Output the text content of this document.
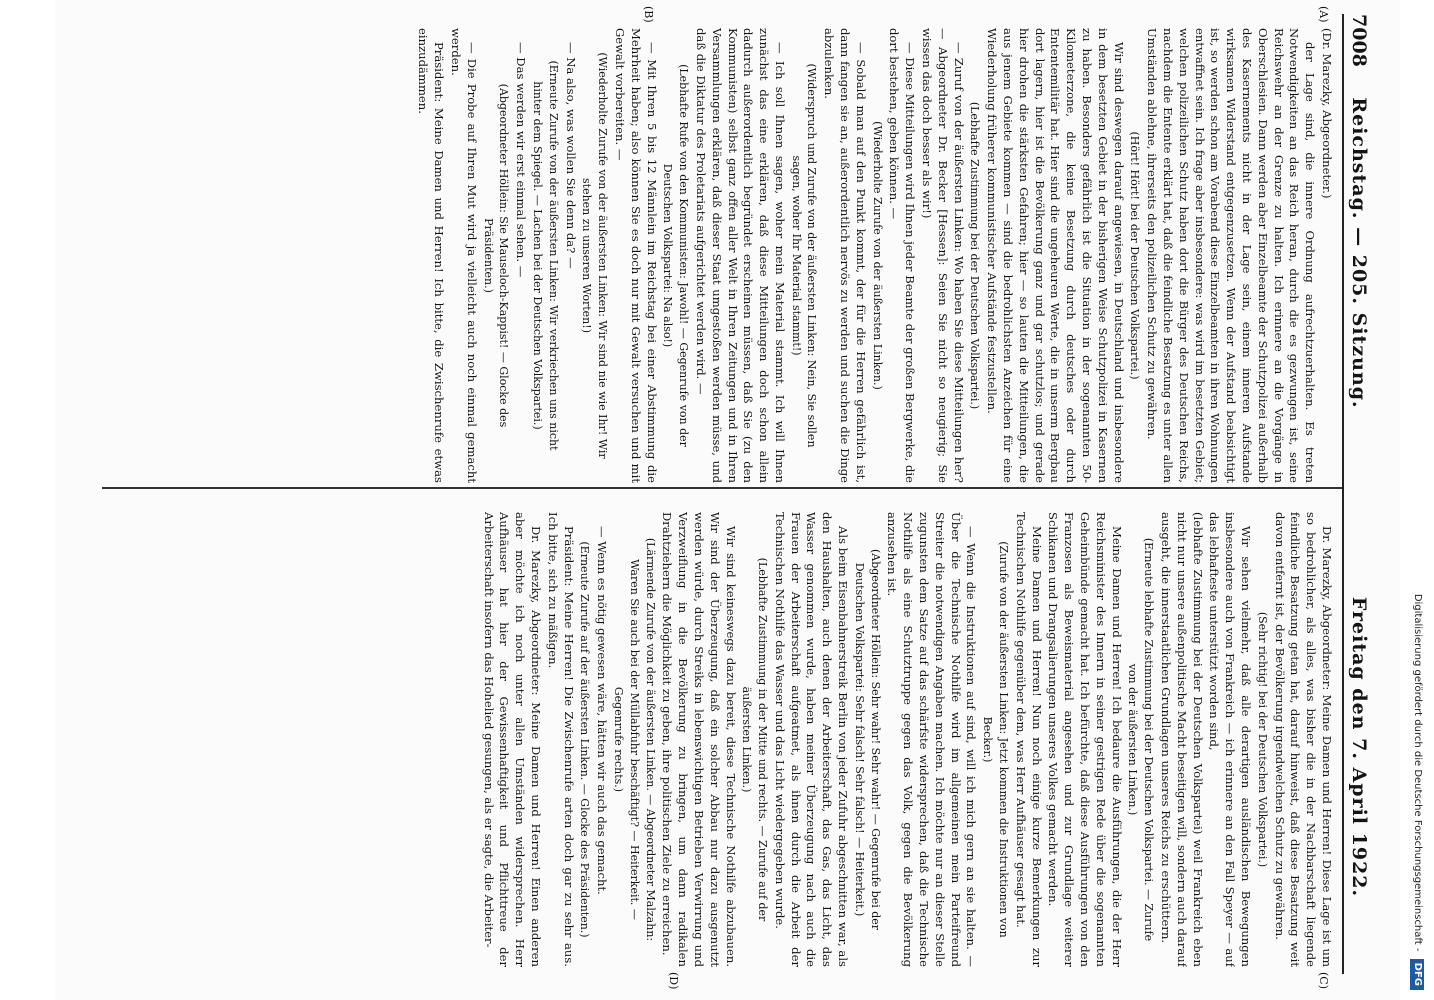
7008
Reichstag. — 205. Sitzung.
Freitag den 7. April 1922.
(A)
(B)
(C)
(D)

(Dr. Marezky, Abgeordneter.)

der Lage sind, die innere Ordnung aufrechtzuerhalten. Es treten Notwendigkeiten an das Reich heran, durch die es gezwungen ist, seine Reichswehr an der Grenze zu halten. Ich erinnere an die Vorgänge in Oberschlesien. Dann werden aber Einzelbeamte der Schutzpolizei außerhalb des Kasernements nicht in der Lage sein, einem inneren Aufstande wirksamen Widerstand entgegenzusetzen. Wenn der Aufstand beabsichtigt ist, so werden schon am Vorabend diese Einzelbeamten in ihren Wohnungen entwaffnet sein. Ich frage aber insbesondere: was wird im besetzten Gebiet; welchen polizeilichen Schutz haben dort die Bürger des Deutschen Reichs, nachdem die Entente erklärt hat, daß die feindliche Besatzung es unter allen Umständen ablehne, ihrerseits den polizeilichen Schutz zu gewähren.

(Hört! Hört! bei der Deutschen Volkspartei.)

Wir sind deswegen darauf angewiesen, in Deutschland und insbesondere in dem besetzten Gebiet in der bisherigen Weise Schutzpolizei in Kasernen zu haben. Besonders gefährlich ist die Situation in der sogenannten 50-Kilometerzone, die keine Besetzung durch deutsches oder durch Ententemilitär hat. Hier sind die ungeheuren Werte, die in unserm Bergbau dort lagern, hier ist die Bevölkerung ganz und gar schutzlos; und gerade hier drohen die stärksten Gefahren; hier — so lauten die Mitteilungen, die aus jenem Gebiete kommen — sind die bedrohlichsten Anzeichen für eine Wiederholung früherer kommunistischer Aufstände festzustellen.

(Lebhafte Zustimmung bei der Deutschen Volkspartei.)

— Zuruf von der äußersten Linken: Wo haben Sie diese Mitteilungen her? — Abgeordneter Dr. Becker [Hessen]: Seien Sie nicht so neugierig; Sie wissen das doch besser als wir!)

— Diese Mitteilungen wird Ihnen jeder Beamte der großen Bergwerke, die dort bestehen, geben können. —

(Wiederholte Zurufe von der äußersten Linken.)

— Sobald man auf den Punkt kommt, der für die Herren gefährlich ist, dann fangen sie an, außerordentlich nervös zu werden und suchen die Dinge abzulenken.

(Widerspruch und Zurufe von der äußersten Linken: Nein, Sie sollen sagen, woher Ihr Material stammt!)

— Ich soll Ihnen sagen, woher mein Material stammt. Ich will Ihnen zunächst das eine erklären, daß diese Mitteilungen doch schon allein dadurch außerordentlich begründet erscheinen müssen, daß Sie (zu den Kommunisten) selbst ganz offen aller Welt in Ihren Zeitungen und in Ihren Versammlungen erklären, daß dieser Staat umgestoßen werden müsse, und daß die Diktatur des Proletariats aufgerichtet werden wird. —

(Lebhafte Rufe von den Kommunisten: Jawohl! — Gegenrufe von der Deutschen Volkspartei: Na also!)

— Mit Ihren 5 bis 12 Männlein im Reichstag bei einer Abstimmung die Mehrheit haben; also können Sie es doch nur mit Gewalt versuchen und mit Gewalt vorbereiten. —

(Wiederholte Zurufe von der äußersten Linken: Wir sind nie wie Ihr! Wir stehen zu unseren Worten!)

— Na also, was wollen Sie denn da? —

(Erneute Zurufe von der äußersten Linken: Wir verkriechen uns nicht hinter dem Spiegel. — Lachen bei der Deutschen Volkspartei.)

— Das werden wir erst einmal sehen. —

(Abgeordneter Höllein: Sie Mauseloch-Kappist! — Glocke des Präsidenten.)

— Die Probe auf Ihren Mut wird ja vielleicht auch noch einmal gemacht werden.

Präsident: Meine Damen und Herren! Ich bitte, die Zwischenrufe etwas einzudämmen.

Dr. Marezky, Abgeordneter: Meine Damen und Herren! Diese Lage ist um so bedrohlicher, als alles, was bisher die in der Nachbarschaft liegende feindliche Besatzung getan hat, darauf hinweist, daß diese Besatzung weit davon entfernt ist, der Bevölkerung irgendwelchen Schutz zu gewähren.

(Sehr richtig! bei der Deutschen Volkspartei.)

Wir sehen vielmehr, daß alle derartigen ausländischen Bewegungen insbesondere auch von Frankreich — ich erinnere an den Fall Speyer — auf das lebhafteste unterstützt worden sind,

(lebhafte Zustimmung bei der Deutschen Volkspartei) weil Frankreich eben nicht nur unsere außenpolitische Macht beseitigen will, sondern auch darauf ausgeht, die innerstaatlichen Grundlagen unseres Reichs zu erschüttern.

(Erneute lebhafte Zustimmung bei der Deutschen Volkspartei. — Zurufe von der äußersten Linken.)

Meine Damen und Herren! Ich bedaure die Ausführungen, die der Herr Reichsminister des Innern in seiner gestrigen Rede über die sogenannten Geheimbünde gemacht hat. Ich befürchte, daß diese Ausführungen von den Franzosen als Beweismaterial angesehen und zur Grundlage weiterer Schikanen und Drangsalierungen unseres Volkes gemacht werden.

Meine Damen und Herren! Nun noch einige kurze Bemerkungen zur Technischen Nothilfe gegenüber dem, was Herr Aufhäuser gesagt hat.

(Zurufe von der äußersten Linken: Jetzt kommen die Instruktionen von Becker.)

— Wenn die Instruktionen auf sind, will ich mich gern an sie halten. — Über die Technische Nothilfe wird im allgemeinen mein Parteifreund Streiter die notwendigen Angaben machen. Ich möchte nur an dieser Stelle zugunsten dem Satze auf das schärfste widersprechen, daß die Technische Nothilfe als eine Schutztruppe gegen das Volk, gegen die Bevölkerung anzusehen ist.

(Abgeordneter Höllein: Sehr wahr! Sehr wahr! — Gegenrufe bei der Deutschen Volkspartei: Sehr falsch! Sehr falsch! — Heiterkeit.)

Als beim Eisenbahnerstreik Berlin von jeder Zufuhr abgeschnitten war, als den Haushalten, auch denen der Arbeiterschaft, das Gas, das Licht, das Wasser genommen wurde, haben meiner Überzeugung nach auch die Frauen der Arbeiterschaft aufgeatmet, als ihnen durch die Arbeit der Technischen Nothilfe das Wasser und das Licht wiedergegeben wurde.

(Lebhafte Zustimmung in der Mitte und rechts. — Zurufe auf der äußersten Linken.)

Wir sind keineswegs dazu bereit, diese Technische Nothilfe abzubauen. Wir sind der Überzeugung, daß ein solcher Abbau nur dazu ausgenutzt werden würde, durch Streiks in lebenswichtigen Betrieben Verwirrung und Verzweiflung in die Bevölkerung zu bringen, um dann radikalen Drahtziehern die Möglichkeit zu geben, ihre politischen Ziele zu erreichen.

(Lärmende Zurufe von der äußersten Linken. — Abgeordneter Malzahn: Waren Sie auch bei der Müllabfuhr beschäftigt? — Heiterkeit. — Gegenrufe rechts.)

— Wenn es nötig gewesen wäre, hätten wir auch das gemacht.

(Erneute Zurufe auf der äußersten Linken. — Glocke des Präsidenten.)

Präsident: Meine Herren! Die Zwischenrufe arten doch gar zu sehr aus. Ich bitte, sich zu mäßigen.

Dr. Marezky, Abgeordneter: Meine Damen und Herren! Einen anderen aber möchte ich noch unter allen Umständen widersprechen. Herr Aufhäuser hat hier der Gewissenhaftigkeit und Pflichttreue der Arbeiterschaft insofern das Hohelied gesungen, als er sagte, die Arbeiter-	Digitalisierung gefördert durch die Deutsche Forschungsgemeinschaft - DFG
